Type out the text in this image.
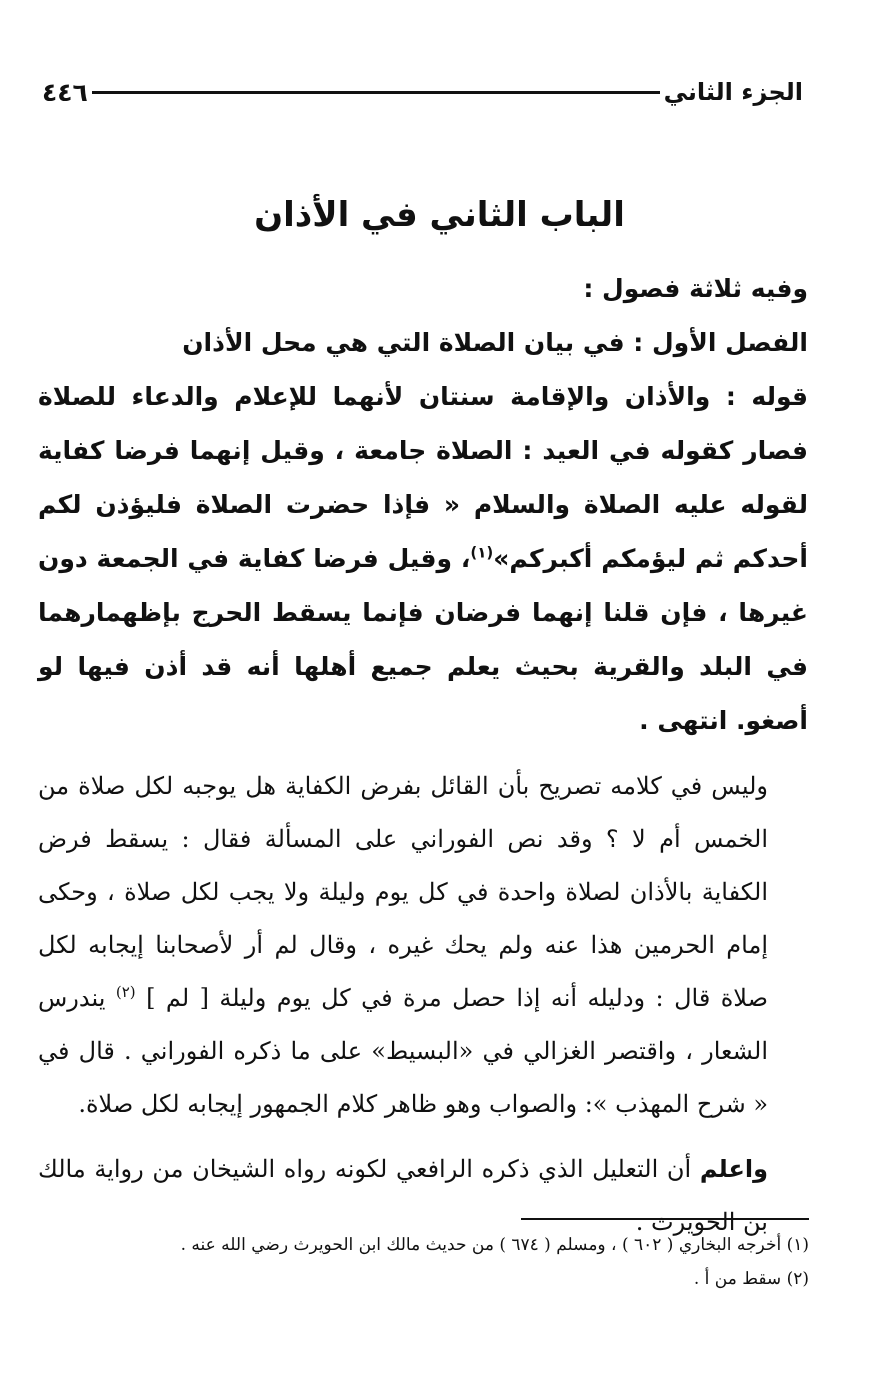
الجزء الثاني
٤٤٦
الباب الثاني في الأذان

وفيه ثلاثة فصول :

الفصل الأول : في بيان الصلاة التي هي محل الأذان

قوله : والأذان والإقامة سنتان لأنهما للإعلام والدعاء للصلاة فصار كقوله في العيد : الصلاة جامعة ، وقيل إنهما فرضا كفاية لقوله عليه الصلاة والسلام « فإذا حضرت الصلاة فليؤذن لكم أحدكم ثم ليؤمكم أكبركم»$^{(١)}$، وقيل فرضا كفاية في الجمعة دون غيرها ، فإن قلنا إنهما فرضان فإنما يسقط الحرج بإظهمارهما في البلد والقرية بحيث يعلم جميع أهلها أنه قد أذن فيها لو أصغو. انتهى .

وليس في كلامه تصريح بأن القائل بفرض الكفاية هل يوجبه لكل صلاة من الخمس أم لا ؟ وقد نص الفوراني على المسألة فقال : يسقط فرض الكفاية بالأذان لصلاة واحدة في كل يوم وليلة ولا يجب لكل صلاة ، وحكى إمام الحرمين هذا عنه ولم يحك غيره ، وقال لم أر لأصحابنا إيجابه لكل صلاة قال : ودليله أنه إذا حصل مرة في كل يوم وليلة [ لم ] $^{(٢)}$ يندرس الشعار ، واقتصر الغزالي في «البسيط» على ما ذكره الفوراني . قال في « شرح المهذب »: والصواب وهو ظاهر كلام الجمهور إيجابه لكل صلاة.

واعلم أن التعليل الذي ذكره الرافعي لكونه رواه الشيخان من رواية مالك بن الحويرث .

(١) أخرجه البخاري ( ٦٠٢ ) ، ومسلم ( ٦٧٤ ) من حديث مالك ابن الحويرث رضي الله عنه .

(٢) سقط من أ .
